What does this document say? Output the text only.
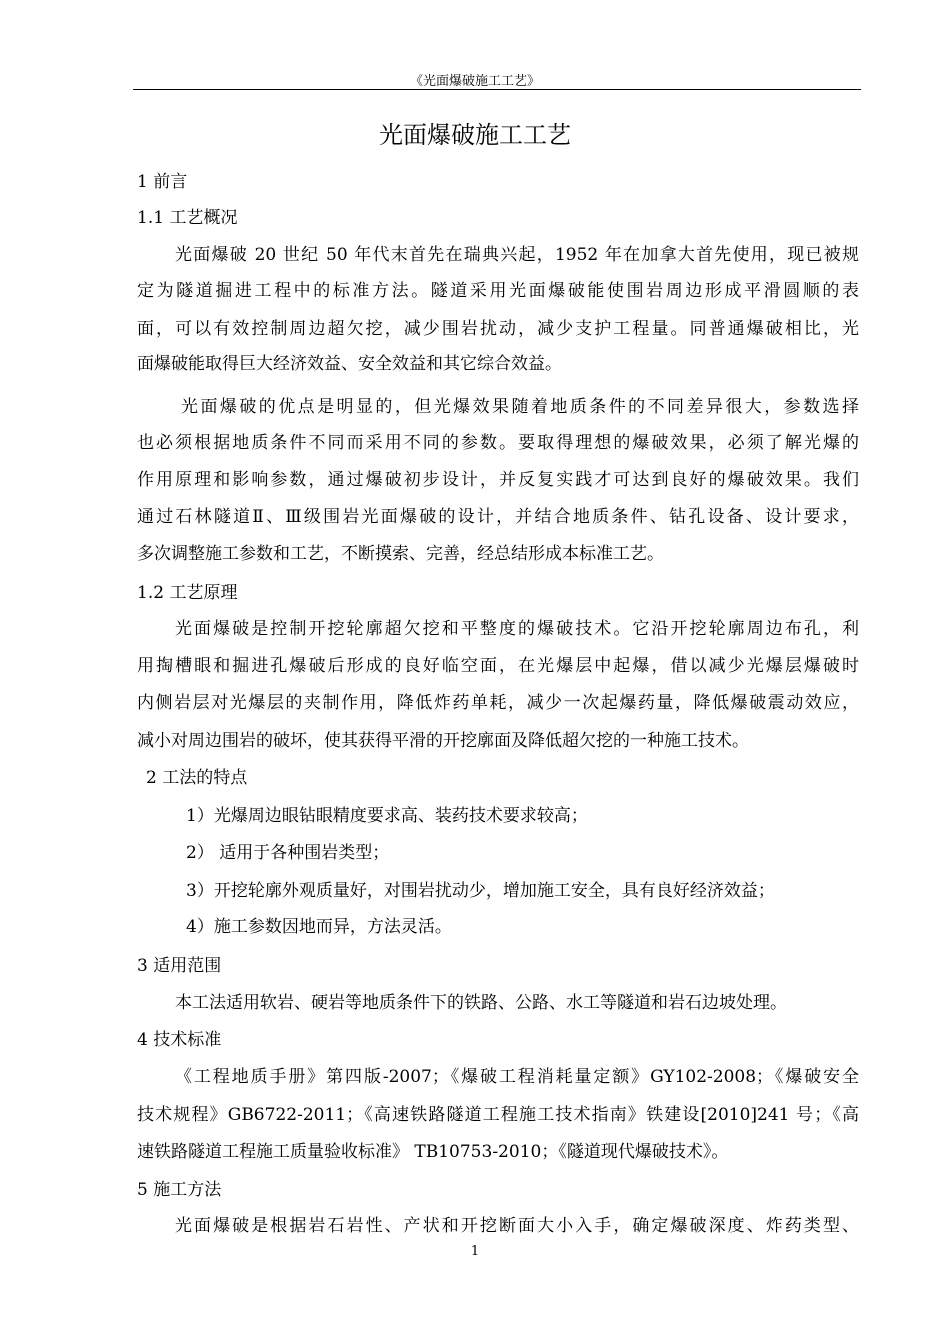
《光面爆破施工工艺》
光面爆破施工工艺
1 前言
1.1 工艺概况
光面爆破 20 世纪 50 年代末首先在瑞典兴起，1952 年在加拿大首先使用，现已被规
定为隧道掘进工程中的标准方法。隧道采用光面爆破能使围岩周边形成平滑圆顺的表
面，可以有效控制周边超欠挖，减少围岩扰动，减少支护工程量。同普通爆破相比，光
面爆破能取得巨大经济效益、安全效益和其它综合效益。
光面爆破的优点是明显的，但光爆效果随着地质条件的不同差异很大，参数选择
也必须根据地质条件不同而采用不同的参数。要取得理想的爆破效果，必须了解光爆的
作用原理和影响参数，通过爆破初步设计，并反复实践才可达到良好的爆破效果。我们
通过石林隧道Ⅱ、Ⅲ级围岩光面爆破的设计，并结合地质条件、钻孔设备、设计要求，
多次调整施工参数和工艺，不断摸索、完善，经总结形成本标准工艺。
1.2 工艺原理
光面爆破是控制开挖轮廓超欠挖和平整度的爆破技术。它沿开挖轮廓周边布孔，利
用掏槽眼和掘进孔爆破后形成的良好临空面，在光爆层中起爆，借以减少光爆层爆破时
内侧岩层对光爆层的夹制作用，降低炸药单耗，减少一次起爆药量，降低爆破震动效应，
减小对周边围岩的破坏，使其获得平滑的开挖廓面及降低超欠挖的一种施工技术。
2 工法的特点
1）光爆周边眼钻眼精度要求高、装药技术要求较高；
2） 适用于各种围岩类型；
3）开挖轮廓外观质量好，对围岩扰动少，增加施工安全，具有良好经济效益；
4）施工参数因地而异，方法灵活。
3 适用范围
本工法适用软岩、硬岩等地质条件下的铁路、公路、水工等隧道和岩石边坡处理。
4 技术标准
《工程地质手册》第四版-2007；《爆破工程消耗量定额》GY102-2008；《爆破安全
技术规程》GB6722-2011；《高速铁路隧道工程施工技术指南》铁建设[2010]241 号；《高
速铁路隧道工程施工质量验收标准》 TB10753-2010；《隧道现代爆破技术》。
5 施工方法
光面爆破是根据岩石岩性、产状和开挖断面大小入手，确定爆破深度、炸药类型、
1
